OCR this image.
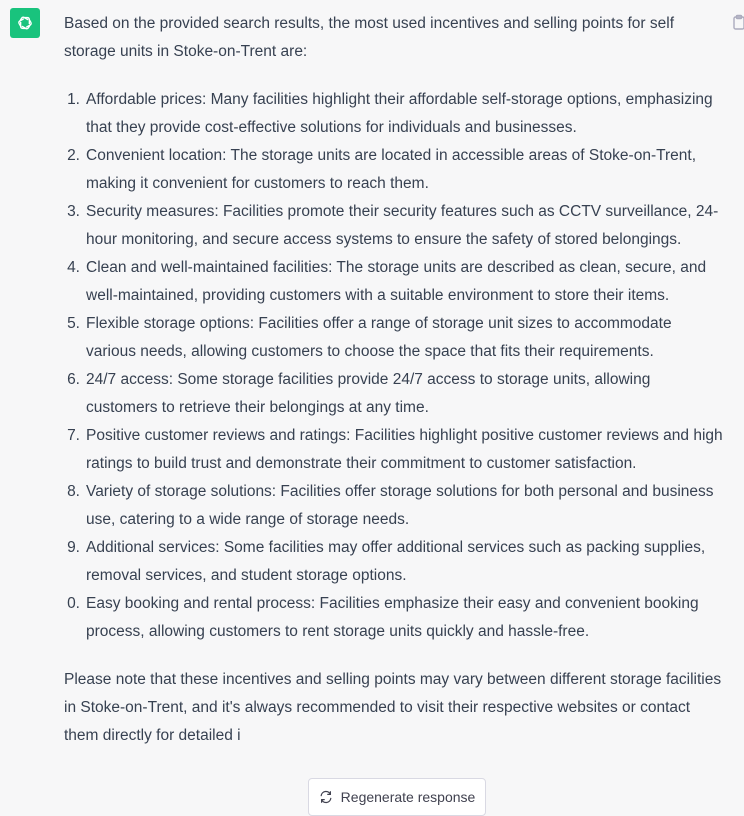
Based on the provided search results, the most used incentives and selling points for self storage units in Stoke-on-Trent are:

1. Affordable prices: Many facilities highlight their affordable self-storage options, emphasizing that they provide cost-effective solutions for individuals and businesses.
2. Convenient location: The storage units are located in accessible areas of Stoke-on-Trent, making it convenient for customers to reach them.
3. Security measures: Facilities promote their security features such as CCTV surveillance, 24-hour monitoring, and secure access systems to ensure the safety of stored belongings.
4. Clean and well-maintained facilities: The storage units are described as clean, secure, and well-maintained, providing customers with a suitable environment to store their items.
5. Flexible storage options: Facilities offer a range of storage unit sizes to accommodate various needs, allowing customers to choose the space that fits their requirements.
6. 24/7 access: Some storage facilities provide 24/7 access to storage units, allowing customers to retrieve their belongings at any time.
7. Positive customer reviews and ratings: Facilities highlight positive customer reviews and high ratings to build trust and demonstrate their commitment to customer satisfaction.
8. Variety of storage solutions: Facilities offer storage solutions for both personal and business use, catering to a wide range of storage needs.
9. Additional services: Some facilities may offer additional services such as packing supplies, removal services, and student storage options.
0. Easy booking and rental process: Facilities emphasize their easy and convenient booking process, allowing customers to rent storage units quickly and hassle-free.

Please note that these incentives and selling points may vary between different storage facilities in Stoke-on-Trent, and it's always recommended to visit their respective websites or contact them directly for detailed i

Regenerate response
